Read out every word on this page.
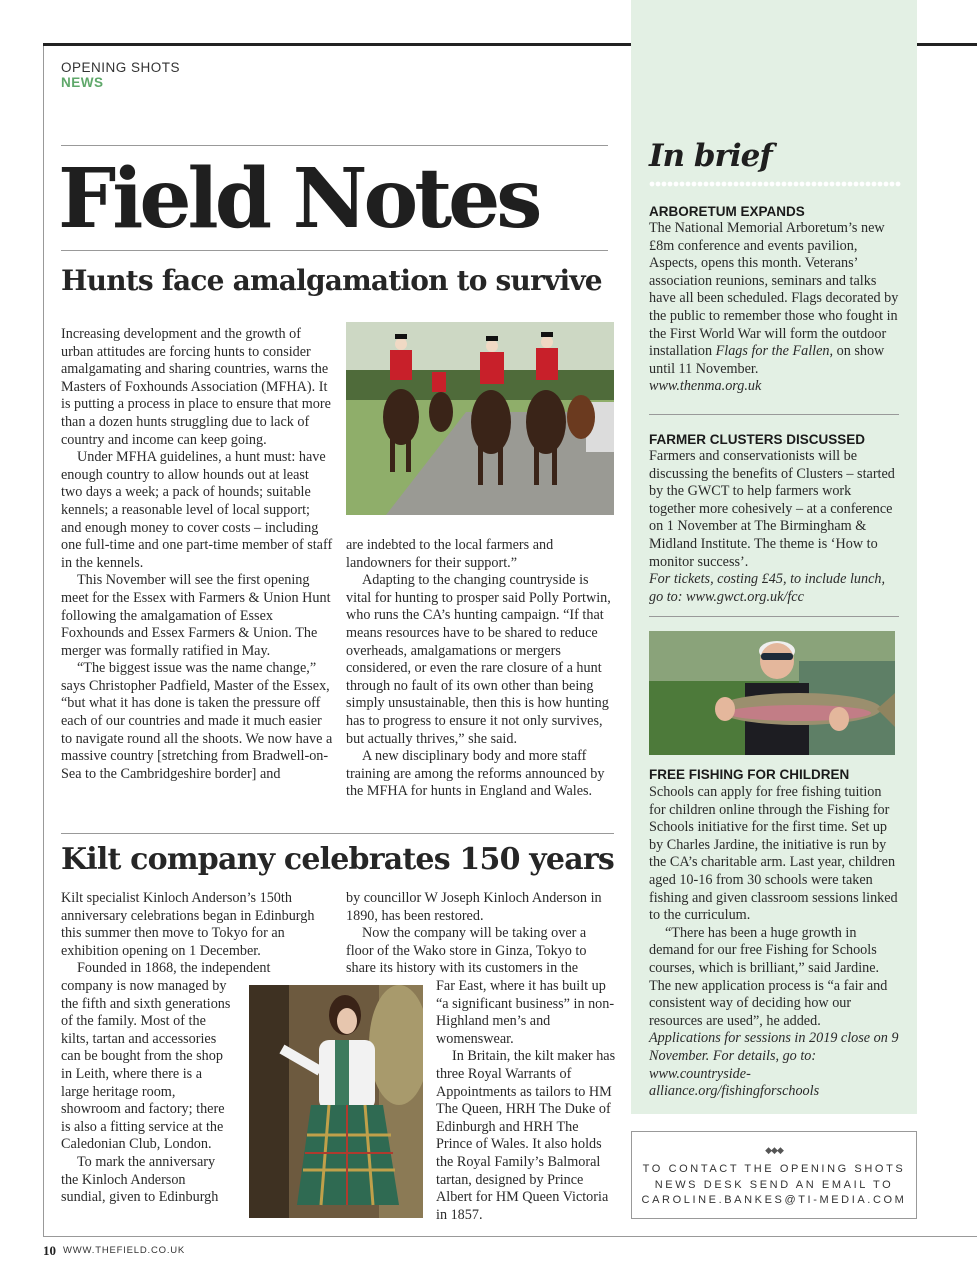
OPENING SHOTS
NEWS
Field Notes
Hunts face amalgamation to survive

Increasing development and the growth of urban attitudes are forcing hunts to consider amalgamating and sharing countries, warns the Masters of Foxhounds Association (MFHA). It is putting a process in place to ensure that more than a dozen hunts struggling due to lack of country and income can keep going.

Under MFHA guidelines, a hunt must: have enough country to allow hounds out at least two days a week; a pack of hounds; suitable kennels; a reasonable level of local support; and enough money to cover costs – including one full-time and one part-time member of staff in the kennels.

This November will see the first opening meet for the Essex with Farmers & Union Hunt following the amalgamation of Essex Foxhounds and Essex Farmers & Union. The merger was formally ratified in May.

“The biggest issue was the name change,” says Christopher Padfield, Master of the Essex, “but what it has done is taken the pressure off each of our countries and made it much easier to navigate round all the shoots. We now have a massive country [stretching from Bradwell-on-Sea to the Cambridgeshire border] and

are indebted to the local farmers and landowners for their support.”

Adapting to the changing countryside is vital for hunting to prosper said Polly Portwin, who runs the CA’s hunting campaign. “If that means resources have to be shared to reduce overheads, amalgamations or mergers considered, or even the rare closure of a hunt through no fault of its own other than being simply unsustainable, then this is how hunting has to progress to ensure it not only survives, but actually thrives,” she said.

A new disciplinary body and more staff training are among the reforms announced by the MFHA for hunts in England and Wales.

Kilt company celebrates 150 years

Kilt specialist Kinloch Anderson’s 150th anniversary celebrations began in Edinburgh this summer then move to Tokyo for an exhibition opening on 1 December.

Founded in 1868, the independent

company is now managed by the fifth and sixth generations of the family. Most of the kilts, tartan and accessories can be bought from the shop in Leith, where there is a large heritage room, showroom and factory; there is also a fitting service at the Caledonian Club, London.

To mark the anniversary the Kinloch Anderson sundial, given to Edinburgh

by councillor W Joseph Kinloch Anderson in 1890, has been restored.

Now the company will be taking over a floor of the Wako store in Ginza, Tokyo to share its history with its customers in the

Far East, where it has built up “a significant business” in non-Highland men’s and womenswear.

In Britain, the kilt maker has three Royal Warrants of Appointments as tailors to HM The Queen, HRH The Duke of Edinburgh and HRH The Prince of Wales. It also holds the Royal Family’s Balmoral tartan, designed by Prince Albert for HM Queen Victoria in 1857.

In brief
ARBORETUM EXPANDS
The National Memorial Arboretum’s new £8m conference and events pavilion, Aspects, opens this month. Veterans’ association reunions, seminars and talks have all been scheduled. Flags decorated by the public to remember those who fought in the First World War will form the outdoor installation Flags for the Fallen, on show until 11 November.
www.thenma.org.uk
FARMER CLUSTERS DISCUSSED
Farmers and conservationists will be discussing the benefits of Clusters – started by the GWCT to help farmers work together more cohesively – at a conference on 1 November at The Birmingham & Midland Institute. The theme is ‘How to monitor success’.
For tickets, costing £45, to include lunch, go to: www.gwct.org.uk/fcc
FREE FISHING FOR CHILDREN
Schools can apply for free fishing tuition for children online through the Fishing for Schools initiative for the first time. Set up by Charles Jardine, the initiative is run by the CA’s charitable arm. Last year, children aged 10-16 from 30 schools were taken fishing and given classroom sessions linked to the curriculum.
“There has been a huge growth in demand for our free Fishing for Schools courses, which is brilliant,” said Jardine. The new application process is “a fair and consistent way of deciding how our resources are used”, he added.
Applications for sessions in 2019 close on 9 November. For details, go to: www.countryside-alliance.org/fishingforschools
◆◆◆
TO CONTACT THE OPENING SHOTS
NEWS DESK SEND AN EMAIL TO
CAROLINE.BANKES@TI-MEDIA.COM
10 WWW.THEFIELD.CO.UK
